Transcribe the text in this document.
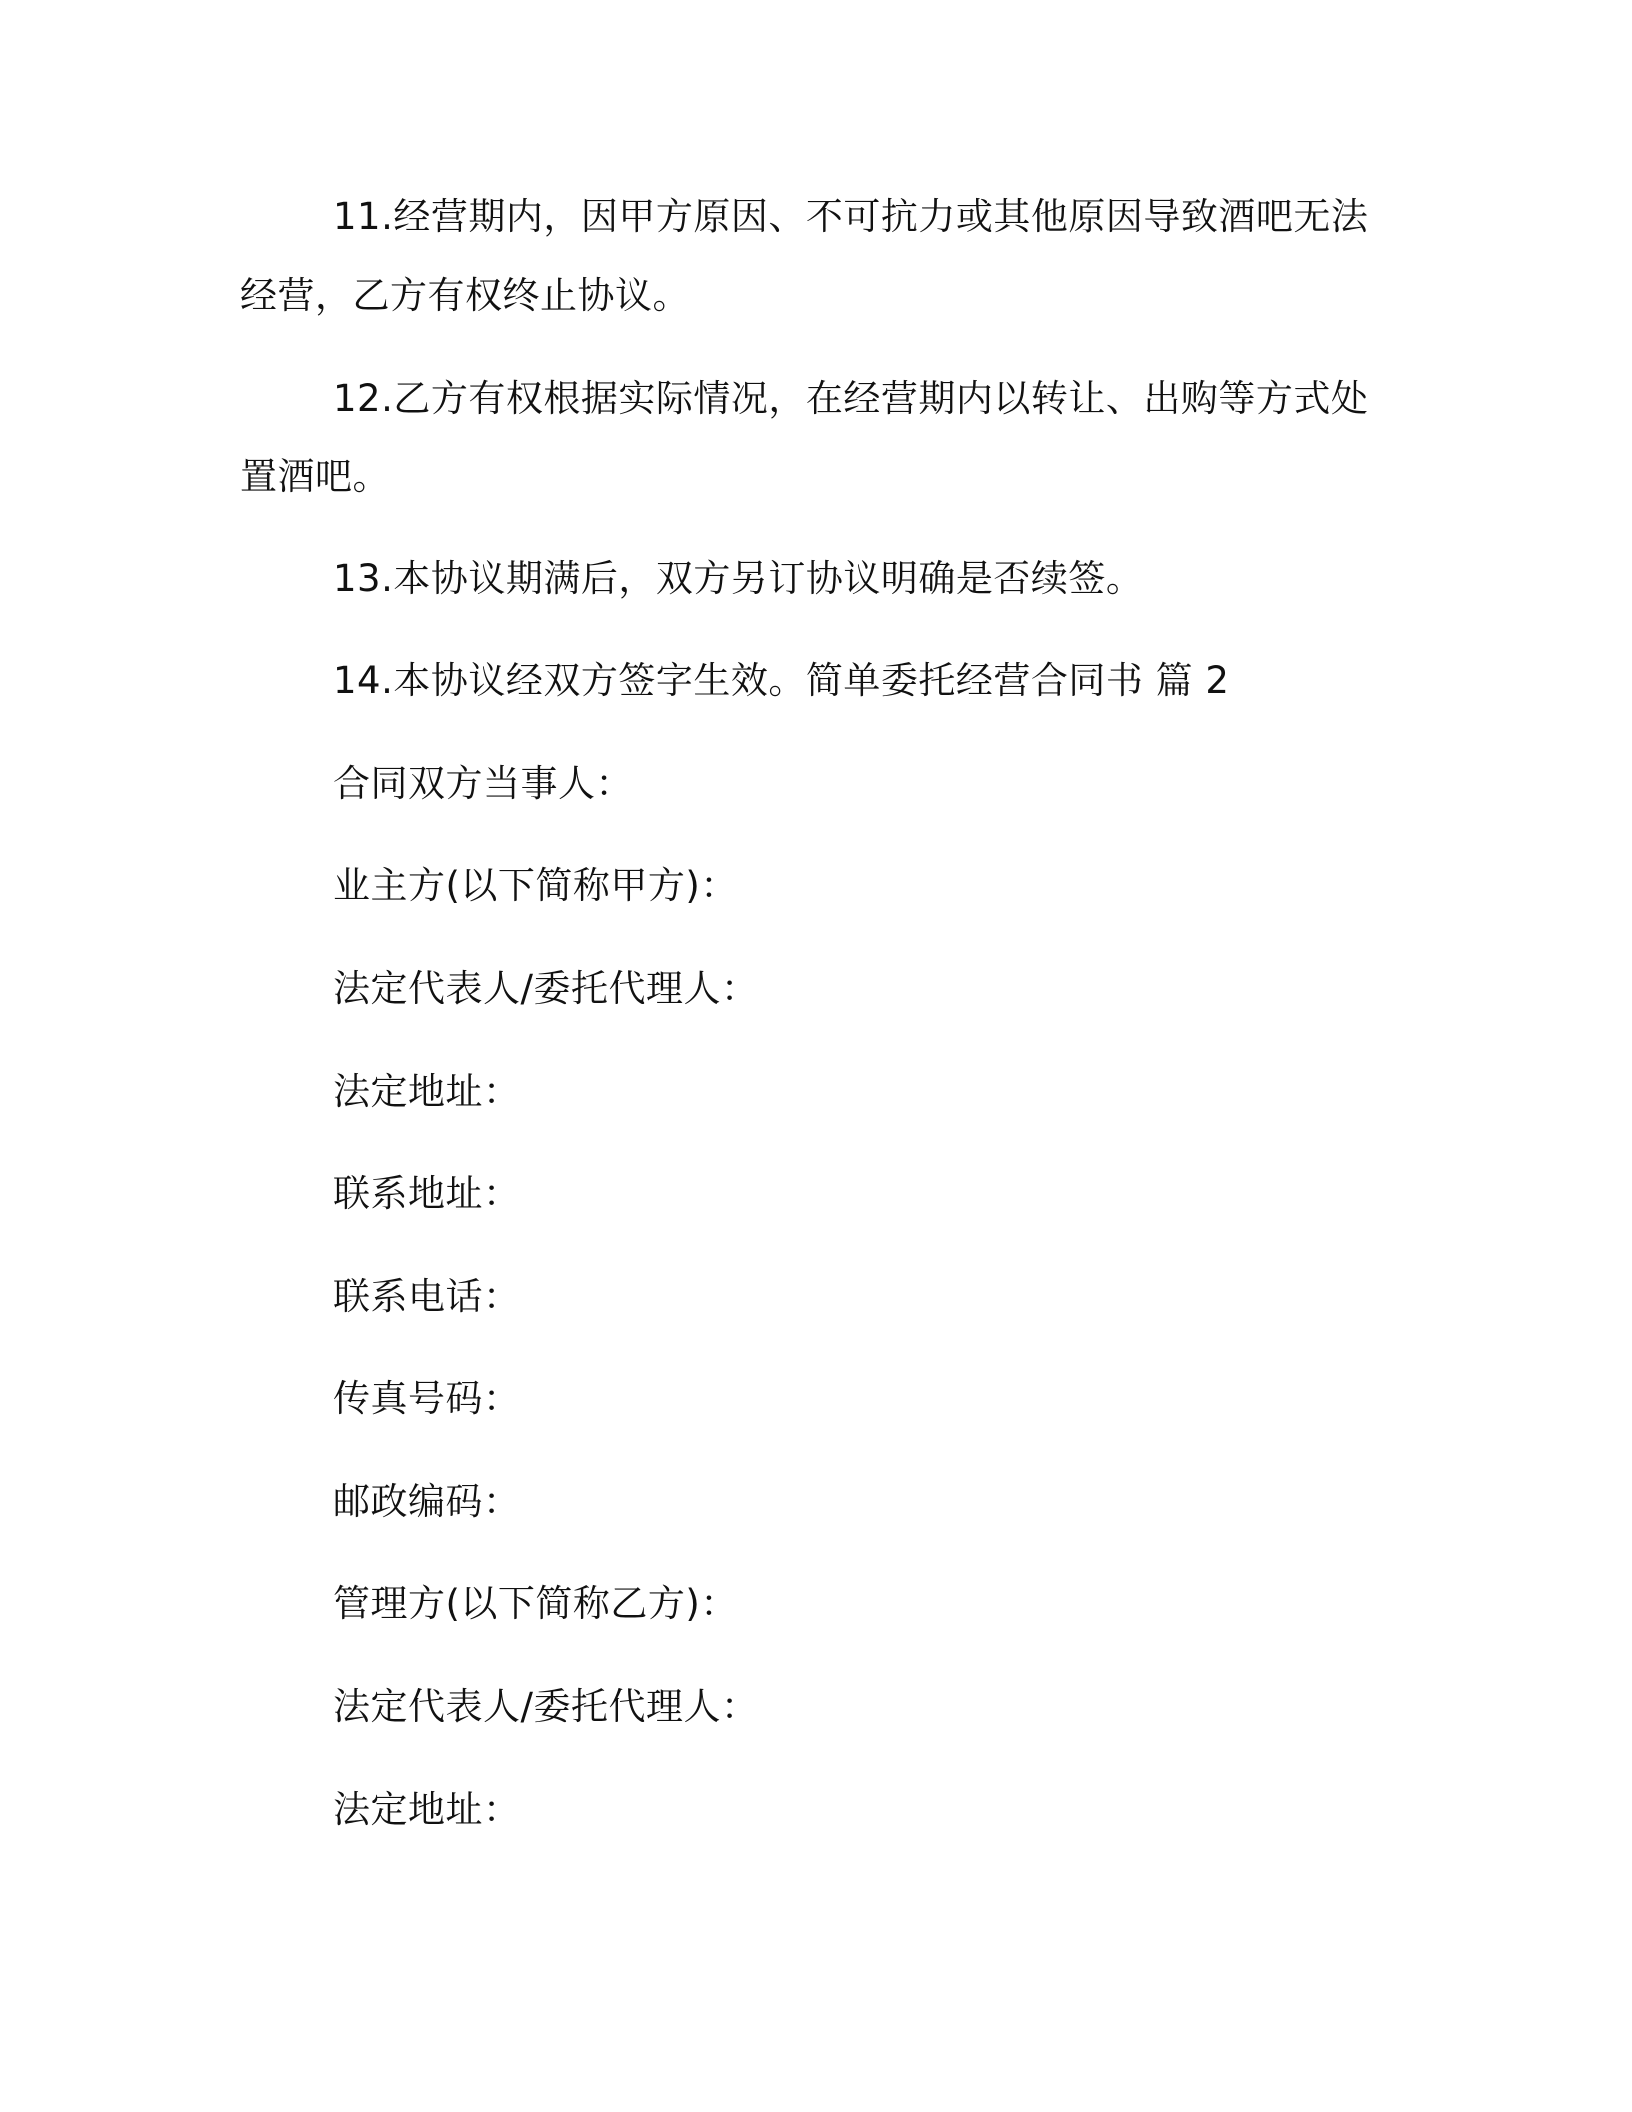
11.经营期内，因甲方原因、不可抗力或其他原因导致酒吧无法
经营，乙方有权终止协议。
12.乙方有权根据实际情况，在经营期内以转让、出购等方式处
置酒吧。
13.本协议期满后，双方另订协议明确是否续签。
14.本协议经双方签字生效。简单委托经营合同书 篇 2
合同双方当事人：
业主方(以下简称甲方)：
法定代表人/委托代理人：
法定地址：
联系地址：
联系电话：
传真号码：
邮政编码：
管理方(以下简称乙方)：
法定代表人/委托代理人：
法定地址：
